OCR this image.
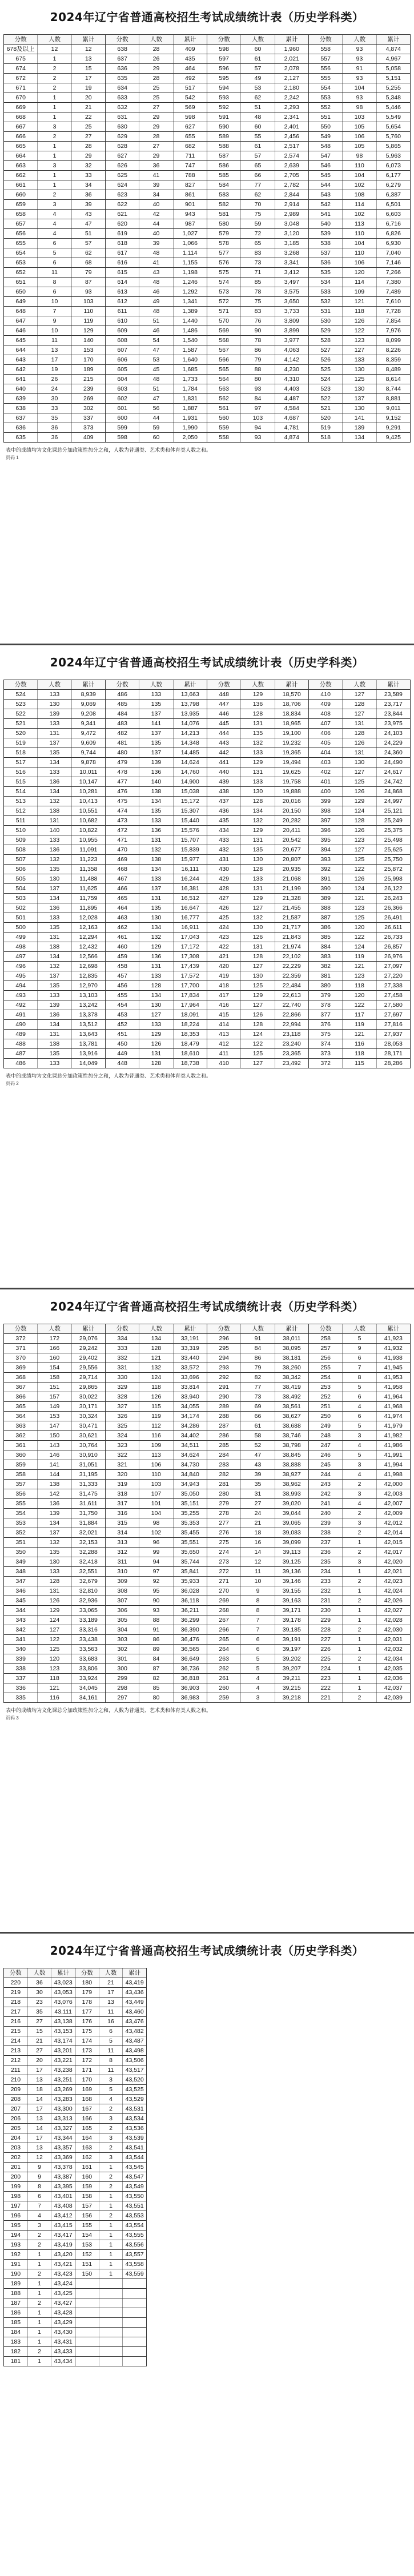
2024年辽宁省普通高校招生考试成绩统计表（历史学科类）
分数	人数	累计
678及以上	12	12
675	1	13
674	2	15
672	2	17
671	2	19
670	1	20
669	1	21
668	1	22
667	3	25
666	2	27
665	1	28
664	1	29
663	3	32
662	1	33
661	1	34
660	2	36
659	3	39
658	4	43
657	4	47
656	4	51
655	6	57
654	5	62
653	6	68
652	11	79
651	8	87
650	6	93
649	10	103
648	7	110
647	9	119
646	10	129
645	11	140
644	13	153
643	17	170
642	19	189
641	26	215
640	24	239
639	30	269
638	33	302
637	35	337
636	36	373
635	36	409
分数	人数	累计
638	28	409
637	26	435
636	29	464
635	28	492
634	25	517
633	25	542
632	27	569
631	29	598
630	29	627
629	28	655
628	27	682
627	29	711
626	36	747
625	41	788
624	39	827
623	34	861
622	40	901
621	42	943
620	44	987
619	40	1,027
618	39	1,066
617	48	1,114
616	41	1,155
615	43	1,198
614	48	1,246
613	46	1,292
612	49	1,341
611	48	1,389
610	51	1,440
609	46	1,486
608	54	1,540
607	47	1,587
606	53	1,640
605	45	1,685
604	48	1,733
603	51	1,784
602	47	1,831
601	56	1,887
600	44	1,931
599	59	1,990
598	60	2,050
分数	人数	累计
598	60	1,960
597	61	2,021
596	57	2,078
595	49	2,127
594	53	2,180
593	62	2,242
592	51	2,293
591	48	2,341
590	60	2,401
589	55	2,456
588	61	2,517
587	57	2,574
586	65	2,639
585	66	2,705
584	77	2,782
583	62	2,844
582	70	2,914
581	75	2,989
580	59	3,048
579	72	3,120
578	65	3,185
577	83	3,268
576	73	3,341
575	71	3,412
574	85	3,497
573	78	3,575
572	75	3,650
571	83	3,733
570	76	3,809
569	90	3,899
568	78	3,977
567	86	4,063
566	79	4,142
565	88	4,230
564	80	4,310
563	93	4,403
562	84	4,487
561	97	4,584
560	103	4,687
559	94	4,781
558	93	4,874
分数	人数	累计
558	93	4,874
557	93	4,967
556	91	5,058
555	93	5,151
554	104	5,255
553	93	5,348
552	98	5,446
551	103	5,549
550	105	5,654
549	106	5,760
548	105	5,865
547	98	5,963
546	110	6,073
545	104	6,177
544	102	6,279
543	108	6,387
542	114	6,501
541	102	6,603
540	113	6,716
539	110	6,826
538	104	6,930
537	110	7,040
536	106	7,146
535	120	7,266
534	114	7,380
533	109	7,489
532	121	7,610
531	118	7,728
530	126	7,854
529	122	7,976
528	123	8,099
527	127	8,226
526	133	8,359
525	130	8,489
524	125	8,614
523	130	8,744
522	137	8,881
521	130	9,011
520	141	9,152
519	139	9,291
518	134	9,425
表中的成绩均为文化课总分加政策性加分之和，人数为普通类、艺术类和体育类人数之和。
页码 1
2024年辽宁省普通高校招生考试成绩统计表（历史学科类）
分数	人数	累计
524	133	8,939
523	130	9,069
522	139	9,208
521	133	9,341
520	131	9,472
519	137	9,609
518	135	9,744
517	134	9,878
516	133	10,011
515	136	10,147
514	134	10,281
513	132	10,413
512	138	10,551
511	131	10,682
510	140	10,822
509	133	10,955
508	136	11,091
507	132	11,223
506	135	11,358
505	130	11,488
504	137	11,625
503	134	11,759
502	136	11,895
501	133	12,028
500	135	12,163
499	131	12,294
498	138	12,432
497	134	12,566
496	132	12,698
495	137	12,835
494	135	12,970
493	133	13,103
492	139	13,242
491	136	13,378
490	134	13,512
489	131	13,643
488	138	13,781
487	135	13,916
486	133	14,049
分数	人数	累计
486	133	13,663
485	135	13,798
484	137	13,935
483	141	14,076
482	137	14,213
481	135	14,348
480	137	14,485
479	139	14,624
478	136	14,760
477	140	14,900
476	138	15,038
475	134	15,172
474	135	15,307
473	133	15,440
472	136	15,576
471	131	15,707
470	132	15,839
469	138	15,977
468	134	16,111
467	133	16,244
466	137	16,381
465	131	16,512
464	135	16,647
463	130	16,777
462	134	16,911
461	132	17,043
460	129	17,172
459	136	17,308
458	131	17,439
457	133	17,572
456	128	17,700
455	134	17,834
454	130	17,964
453	127	18,091
452	133	18,224
451	129	18,353
450	126	18,479
449	131	18,610
448	128	18,738
分数	人数	累计
448	129	18,570
447	136	18,706
446	128	18,834
445	131	18,965
444	135	19,100
443	132	19,232
442	133	19,365
441	129	19,494
440	131	19,625
439	133	19,758
438	130	19,888
437	128	20,016
436	134	20,150
435	132	20,282
434	129	20,411
433	131	20,542
432	135	20,677
431	130	20,807
430	128	20,935
429	133	21,068
428	131	21,199
427	129	21,328
426	127	21,455
425	132	21,587
424	130	21,717
423	126	21,843
422	131	21,974
421	128	22,102
420	127	22,229
419	130	22,359
418	125	22,484
417	129	22,613
416	127	22,740
415	126	22,866
414	128	22,994
413	124	23,118
412	122	23,240
411	125	23,365
410	127	23,492
分数	人数	累计
410	127	23,589
409	128	23,717
408	127	23,844
407	131	23,975
406	128	24,103
405	126	24,229
404	131	24,360
403	130	24,490
402	127	24,617
401	125	24,742
400	126	24,868
399	129	24,997
398	124	25,121
397	128	25,249
396	126	25,375
395	123	25,498
394	127	25,625
393	125	25,750
392	122	25,872
391	126	25,998
390	124	26,122
389	121	26,243
388	123	26,366
387	125	26,491
386	120	26,611
385	122	26,733
384	124	26,857
383	119	26,976
382	121	27,097
381	123	27,220
380	118	27,338
379	120	27,458
378	122	27,580
377	117	27,697
376	119	27,816
375	121	27,937
374	116	28,053
373	118	28,171
372	115	28,286
表中的成绩均为文化课总分加政策性加分之和，人数为普通类、艺术类和体育类人数之和。
页码 2
2024年辽宁省普通高校招生考试成绩统计表（历史学科类）
分数	人数	累计
372	172	29,076
371	166	29,242
370	160	29,402
369	154	29,556
368	158	29,714
367	151	29,865
366	157	30,022
365	149	30,171
364	153	30,324
363	147	30,471
362	150	30,621
361	143	30,764
360	146	30,910
359	141	31,051
358	144	31,195
357	138	31,333
356	142	31,475
355	136	31,611
354	139	31,750
353	134	31,884
352	137	32,021
351	132	32,153
350	135	32,288
349	130	32,418
348	133	32,551
347	128	32,679
346	131	32,810
345	126	32,936
344	129	33,065
343	124	33,189
342	127	33,316
341	122	33,438
340	125	33,563
339	120	33,683
338	123	33,806
337	118	33,924
336	121	34,045
335	116	34,161
分数	人数	累计
334	134	33,191
333	128	33,319
332	121	33,440
331	132	33,572
330	124	33,696
329	118	33,814
328	126	33,940
327	115	34,055
326	119	34,174
325	112	34,286
324	116	34,402
323	109	34,511
322	113	34,624
321	106	34,730
320	110	34,840
319	103	34,943
318	107	35,050
317	101	35,151
316	104	35,255
315	98	35,353
314	102	35,455
313	96	35,551
312	99	35,650
311	94	35,744
310	97	35,841
309	92	35,933
308	95	36,028
307	90	36,118
306	93	36,211
305	88	36,299
304	91	36,390
303	86	36,476
302	89	36,565
301	84	36,649
300	87	36,736
299	82	36,818
298	85	36,903
297	80	36,983
分数	人数	累计
296	91	38,011
295	84	38,095
294	86	38,181
293	79	38,260
292	82	38,342
291	77	38,419
290	73	38,492
289	69	38,561
288	66	38,627
287	61	38,688
286	58	38,746
285	52	38,798
284	47	38,845
283	43	38,888
282	39	38,927
281	35	38,962
280	31	38,993
279	27	39,020
278	24	39,044
277	21	39,065
276	18	39,083
275	16	39,099
274	14	39,113
273	12	39,125
272	11	39,136
271	10	39,146
270	9	39,155
269	8	39,163
268	8	39,171
267	7	39,178
266	7	39,185
265	6	39,191
264	6	39,197
263	5	39,202
262	5	39,207
261	4	39,211
260	4	39,215
259	3	39,218
分数	人数	累计
258	5	41,923
257	9	41,932
256	6	41,938
255	7	41,945
254	8	41,953
253	5	41,958
252	6	41,964
251	4	41,968
250	6	41,974
249	5	41,979
248	3	41,982
247	4	41,986
246	5	41,991
245	3	41,994
244	4	41,998
243	2	42,000
242	3	42,003
241	4	42,007
240	2	42,009
239	3	42,012
238	2	42,014
237	1	42,015
236	2	42,017
235	3	42,020
234	1	42,021
233	2	42,023
232	1	42,024
231	2	42,026
230	1	42,027
229	1	42,028
228	2	42,030
227	1	42,031
226	1	42,032
225	2	42,034
224	1	42,035
223	1	42,036
222	1	42,037
221	2	42,039
表中的成绩均为文化课总分加政策性加分之和，人数为普通类、艺术类和体育类人数之和。
页码 3
2024年辽宁省普通高校招生考试成绩统计表（历史学科类）
分数	人数	累计
220	36	43,023
219	30	43,053
218	23	43,076
217	35	43,111
216	27	43,138
215	15	43,153
214	21	43,174
213	27	43,201
212	20	43,221
211	17	43,238
210	13	43,251
209	18	43,269
208	14	43,283
207	17	43,300
206	13	43,313
205	14	43,327
204	17	43,344
203	13	43,357
202	12	43,369
201	9	43,378
200	9	43,387
199	8	43,395
198	6	43,401
197	7	43,408
196	4	43,412
195	3	43,415
194	2	43,417
193	2	43,419
192	1	43,420
191	1	43,421
190	2	43,423
189	1	43,424
188	1	43,425
187	2	43,427
186	1	43,428
185	1	43,429
184	1	43,430
183	1	43,431
182	2	43,433
181	1	43,434
分数	人数	累计
180	21	43,419
179	17	43,436
178	13	43,449
177	11	43,460
176	16	43,476
175	6	43,482
174	5	43,487
173	11	43,498
172	8	43,506
171	11	43,517
170	3	43,520
169	5	43,525
168	4	43,529
167	2	43,531
166	3	43,534
165	2	43,536
164	3	43,539
163	2	43,541
162	3	43,544
161	1	43,545
160	2	43,547
159	2	43,549
158	1	43,550
157	1	43,551
156	2	43,553
155	1	43,554
154	1	43,555
153	1	43,556
152	1	43,557
151	1	43,558
150	1	43,559
